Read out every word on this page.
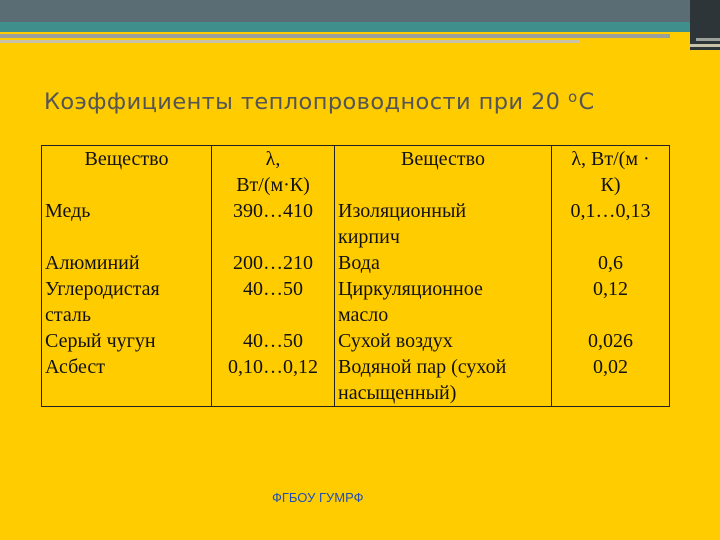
Коэффициенты теплопроводности при 20 $^o$C
Вещество	λ,	Вещество	λ, Вт/(м ·
	Вт/(м·К)		К)
Медь	390…410	Изоляционный	0,1…0,13
		кирпич	
Алюминий	200…210	Вода	0,6
Углеродистая	40…50	Циркуляционное	0,12
сталь		масло	
Серый чугун	40…50	Сухой воздух	0,026
Асбест	0,10…0,12	Водяной пар (сухой	0,02
		насыщенный)	
ФГБОУ ГУМРФ
